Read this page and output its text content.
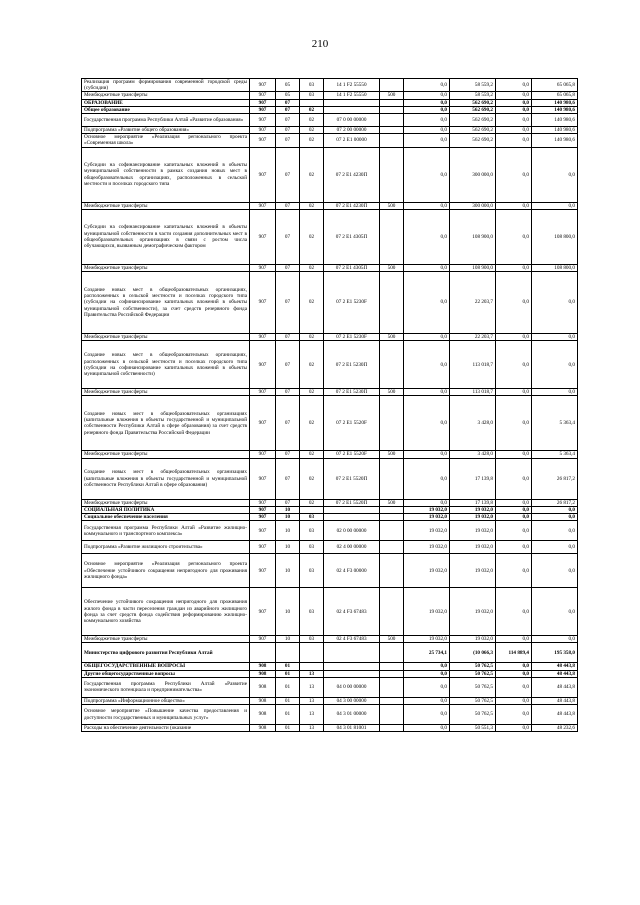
210
Реализация программ формирования современной городской среды (субсидии)	907	05	03	14 1 F2 55550		0,0	58 559,2	0,0	65 065,8
Межбюджетные трансферты	907	05	03	14 1 F2 55550	500	0,0	58 559,2	0,0	65 065,8
ОБРАЗОВАНИЕ	907	07				0,0	562 690,2	0,0	140 980,6
Общее образование	907	07	02			0,0	562 690,2	0,0	140 980,6
Государственная программа Республики Алтай «Развитие образования»	907	07	02	07 0 00 00000		0,0	562 690,2	0,0	140 980,6
Подпрограмма «Развитие общего образования»	907	07	02	07 2 00 00000		0,0	562 690,2	0,0	140 980,6
Основное мероприятие «Реализация регионального проекта «Современная школа»	907	07	02	07 2 E1 00000		0,0	562 690,2	0,0	140 980,6
Субсидии на софинансирование капитальных вложений в объекты муниципальной собственности в рамках создания новых мест в общеобразовательных организациях, расположенных в сельской местности и поселках городского типа	907	07	02	07 2 E1 4230П		0,0	300 000,0	0,0	0,0
Межбюджетные трансферты	907	07	02	07 2 E1 4230П	500	0,0	300 000,0	0,0	0,0
Субсидии на софинансирование капитальных вложений в объекты муниципальной собственности в части создания дополнительных мест в общеобразовательных организациях в связи с ростом числа обучающихся, вызванным демографическим фактором	907	07	02	07 2 E1 4305П		0,0	108 900,0	0,0	108 800,0
Межбюджетные трансферты	907	07	02	07 2 E1 4305П	500	0,0	108 900,0	0,0	108 800,0
Создание новых мест в общеобразовательных организациях, расположенных в сельской местности и поселках городского типа (субсидии на софинансирование капитальных вложений в объекты муниципальной собственности), за счет средств резервного фонда Правительства Российской Федерации	907	07	02	07 2 E1 5230F		0,0	22 203,7	0,0	0,0
Межбюджетные трансферты	907	07	02	07 2 E1 5230F	500	0,0	22 203,7	0,0	0,0
Создание новых мест в общеобразовательных организациях, расположенных в сельской местности и поселках городского типа (субсидии на софинансирование капитальных вложений в объекты муниципальной собственности)	907	07	02	07 2 E1 5230П		0,0	113 018,7	0,0	0,0
Межбюджетные трансферты	907	07	02	07 2 E1 5230П	500	0,0	113 018,7	0,0	0,0
Создание новых мест в общеобразовательных организациях (капитальные вложения в объекты государственной и муниципальной собственности Республики Алтай в сфере образования) за счет средств резервного фонда Правительства Российской Федерации	907	07	02	07 2 E1 5520F		0,0	3 428,0	0,0	5 363,4
Межбюджетные трансферты	907	07	02	07 2 E1 5520F	500	0,0	3 428,0	0,0	5 363,4
Создание новых мест в общеобразовательных организациях (капитальные вложения в объекты государственной и муниципальной собственности Республики Алтай в сфере образования)	907	07	02	07 2 E1 5520П		0,0	17 139,8	0,0	26 817,2
Межбюджетные трансферты	907	07	02	07 2 E1 5520П	500	0,0	17 139,8	0,0	26 817,2
СОЦИАЛЬНАЯ ПОЛИТИКА	907	10				19 032,0	19 032,0	0,0	0,0
Социальное обеспечение населения	907	10	03			19 032,0	19 032,0	0,0	0,0
Государственная программа Республики Алтай «Развитие жилищно-коммунального и транспортного комплекса»	907	10	03	02 0 00 00000		19 032,0	19 032,0	0,0	0,0
Подпрограмма «Развитие жилищного строительства»	907	10	03	02 4 00 00000		19 032,0	19 032,0	0,0	0,0
Основное мероприятие «Реализация регионального проекта «Обеспечение устойчивого сокращения непригодного для проживания жилищного фонда»	907	10	03	02 4 F3 00000		19 032,0	19 032,0	0,0	0,0
Обеспечение устойчивого сокращения непригодного для проживания жилого фонда в части переселения граждан из аварийного жилищного фонда за счет средств фонда содействия реформированию жилищно-коммунального хозяйства	907	10	03	02 4 F3 67483		19 032,0	19 032,0	0,0	0,0
Межбюджетные трансферты	907	10	03	02 4 F3 67483	500	19 032,0	19 032,0	0,0	0,0
Министерство цифрового развития Республики Алтай						25 734,1	(10 066,3	114 889,4	195 358,0
ОБЩЕГОСУДАРСТВЕННЫЕ ВОПРОСЫ	908	01				0,0	50 762,5	0,0	48 443,8
Другие общегосударственные вопросы	908	01	13			0,0	50 762,5	0,0	48 443,8
Государственная программа Республики Алтай «Развитие экономического потенциала и предпринимательства»	908	01	13	04 0 00 00000		0,0	50 762,5	0,0	48 443,8
Подпрограмма «Информационное общество»	908	01	13	04 3 00 00000		0,0	50 762,5	0,0	48 443,8
Основное мероприятие «Повышение качества предоставления и доступности государственных и муниципальных услуг»	908	01	13	04 3 01 00000		0,0	50 762,5	0,0	48 443,8
Расходы на обеспечение деятельности (оказание	908	01	13	04 3 01 81001		0,0	50 551,3	0,0	48 232,6
